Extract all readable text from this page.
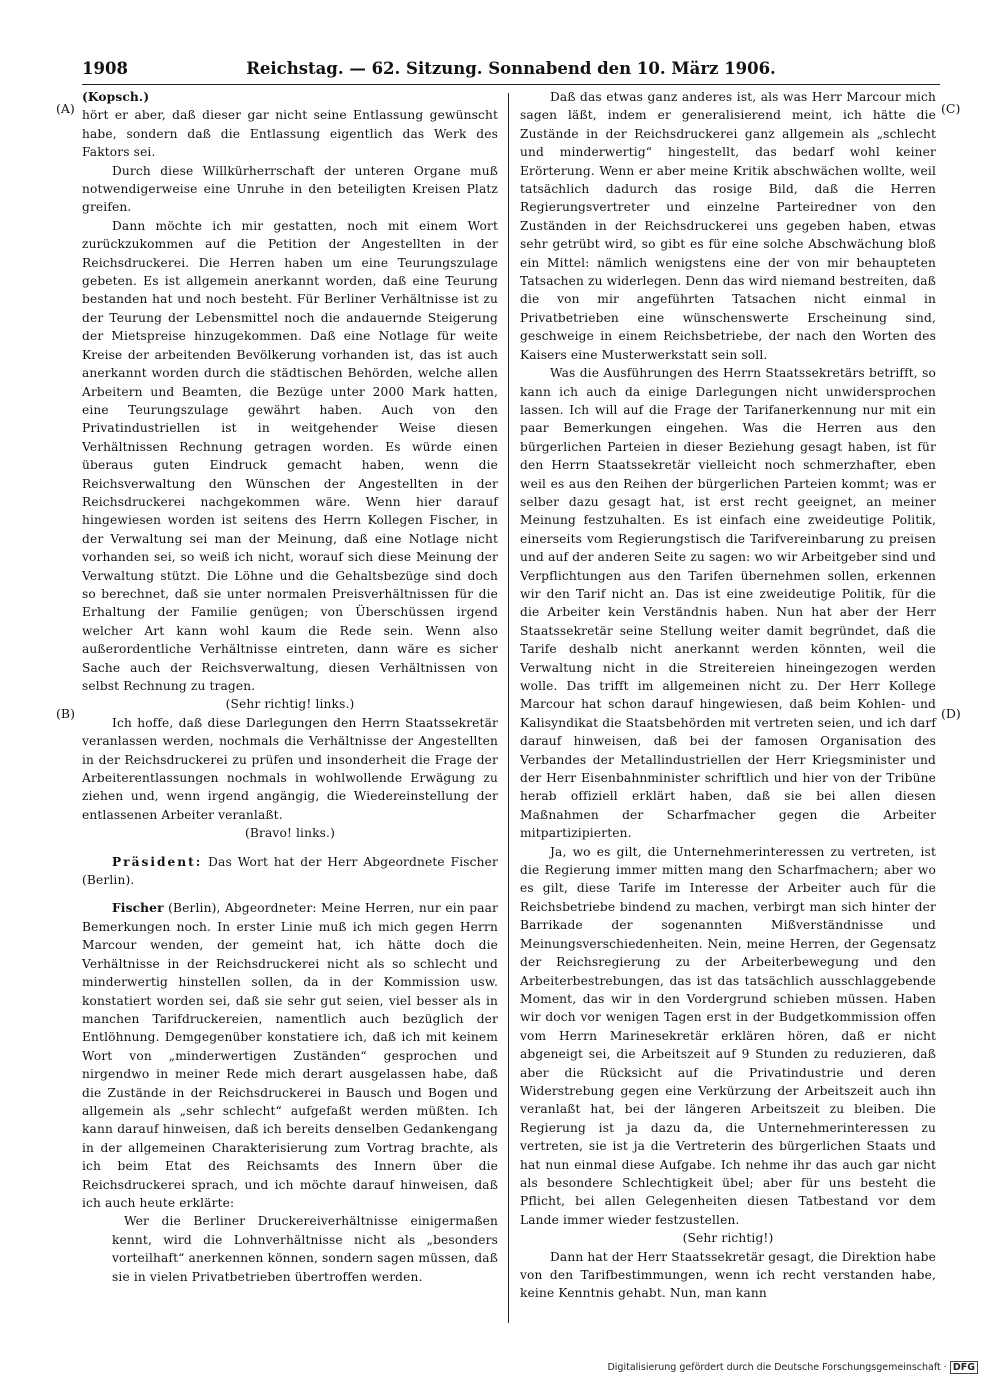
1908	Reichstag. — 62. Sitzung. Sonnabend den 10. März 1906.
(A)
(B)
(C)
(D)

(Kopsch.)

hört er aber, daß dieser gar nicht seine Entlassung gewünscht habe, sondern daß die Entlassung eigentlich das Werk des Faktors sei.

Durch diese Willkürherrschaft der unteren Organe muß notwendigerweise eine Unruhe in den beteiligten Kreisen Platz greifen.

Dann möchte ich mir gestatten, noch mit einem Wort zurückzukommen auf die Petition der Angestellten in der Reichsdruckerei. Die Herren haben um eine Teurungszulage gebeten. Es ist allgemein anerkannt worden, daß eine Teurung bestanden hat und noch besteht. Für Berliner Verhältnisse ist zu der Teurung der Lebensmittel noch die andauernde Steigerung der Mietspreise hinzugekommen. Daß eine Notlage für weite Kreise der arbeitenden Bevölkerung vorhanden ist, das ist auch anerkannt worden durch die städtischen Behörden, welche allen Arbeitern und Beamten, die Bezüge unter 2000 Mark hatten, eine Teurungszulage gewährt haben. Auch von den Privatindustriellen ist in weitgehender Weise diesen Verhältnissen Rechnung getragen worden. Es würde einen überaus guten Eindruck gemacht haben, wenn die Reichsverwaltung den Wünschen der Angestellten in der Reichsdruckerei nachgekommen wäre. Wenn hier darauf hingewiesen worden ist seitens des Herrn Kollegen Fischer, in der Verwaltung sei man der Meinung, daß eine Notlage nicht vorhanden sei, so weiß ich nicht, worauf sich diese Meinung der Verwaltung stützt. Die Löhne und die Gehaltsbezüge sind doch so berechnet, daß sie unter normalen Preisverhältnissen für die Erhaltung der Familie genügen; von Überschüssen irgend welcher Art kann wohl kaum die Rede sein. Wenn also außerordentliche Verhältnisse eintreten, dann wäre es sicher Sache auch der Reichsverwaltung, diesen Verhältnissen von selbst Rechnung zu tragen.

(Sehr richtig! links.)

Ich hoffe, daß diese Darlegungen den Herrn Staatssekretär veranlassen werden, nochmals die Verhältnisse der Angestellten in der Reichsdruckerei zu prüfen und insonderheit die Frage der Arbeiterentlassungen nochmals in wohlwollende Erwägung zu ziehen und, wenn irgend angängig, die Wiedereinstellung der entlassenen Arbeiter veranlaßt.

(Bravo! links.)

Präsident: Das Wort hat der Herr Abgeordnete Fischer (Berlin).

Fischer (Berlin), Abgeordneter: Meine Herren, nur ein paar Bemerkungen noch. In erster Linie muß ich mich gegen Herrn Marcour wenden, der gemeint hat, ich hätte doch die Verhältnisse in der Reichsdruckerei nicht als so schlecht und minderwertig hinstellen sollen, da in der Kommission usw. konstatiert worden sei, daß sie sehr gut seien, viel besser als in manchen Tarifdruckereien, namentlich auch bezüglich der Entlöhnung. Demgegenüber konstatiere ich, daß ich mit keinem Wort von „minderwertigen Zuständen“ gesprochen und nirgendwo in meiner Rede mich derart ausgelassen habe, daß die Zustände in der Reichsdruckerei in Bausch und Bogen und allgemein als „sehr schlecht“ aufgefaßt werden müßten. Ich kann darauf hinweisen, daß ich bereits denselben Gedankengang in der allgemeinen Charakterisierung zum Vortrag brachte, als ich beim Etat des Reichsamts des Innern über die Reichsdruckerei sprach, und ich möchte darauf hinweisen, daß ich auch heute erklärte:

Wer die Berliner Druckereiverhältnisse einigermaßen kennt, wird die Lohnverhältnisse nicht als „besonders vorteilhaft“ anerkennen können, sondern sagen müssen, daß sie in vielen Privatbetrieben übertroffen werden.

Daß das etwas ganz anderes ist, als was Herr Marcour mich sagen läßt, indem er generalisierend meint, ich hätte die Zustände in der Reichsdruckerei ganz allgemein als „schlecht und minderwertig“ hingestellt, das bedarf wohl keiner Erörterung. Wenn er aber meine Kritik abschwächen wollte, weil tatsächlich dadurch das rosige Bild, daß die Herren Regierungsvertreter und einzelne Parteiredner von den Zuständen in der Reichsdruckerei uns gegeben haben, etwas sehr getrübt wird, so gibt es für eine solche Abschwächung bloß ein Mittel: nämlich wenigstens eine der von mir behaupteten Tatsachen zu widerlegen. Denn das wird niemand bestreiten, daß die von mir angeführten Tatsachen nicht einmal in Privatbetrieben eine wünschenswerte Erscheinung sind, geschweige in einem Reichsbetriebe, der nach den Worten des Kaisers eine Musterwerkstatt sein soll.

Was die Ausführungen des Herrn Staatssekretärs betrifft, so kann ich auch da einige Darlegungen nicht unwidersprochen lassen. Ich will auf die Frage der Tarifanerkennung nur mit ein paar Bemerkungen eingehen. Was die Herren aus den bürgerlichen Parteien in dieser Beziehung gesagt haben, ist für den Herrn Staatssekretär vielleicht noch schmerzhafter, eben weil es aus den Reihen der bürgerlichen Parteien kommt; was er selber dazu gesagt hat, ist erst recht geeignet, an meiner Meinung festzuhalten. Es ist einfach eine zweideutige Politik, einerseits vom Regierungstisch die Tarifvereinbarung zu preisen und auf der anderen Seite zu sagen: wo wir Arbeitgeber sind und Verpflichtungen aus den Tarifen übernehmen sollen, erkennen wir den Tarif nicht an. Das ist eine zweideutige Politik, für die die Arbeiter kein Verständnis haben. Nun hat aber der Herr Staatssekretär seine Stellung weiter damit begründet, daß die Tarife deshalb nicht anerkannt werden könnten, weil die Verwaltung nicht in die Streitereien hineingezogen werden wolle. Das trifft im allgemeinen nicht zu. Der Herr Kollege Marcour hat schon darauf hingewiesen, daß beim Kohlen- und Kalisyndikat die Staatsbehörden mit vertreten seien, und ich darf darauf hinweisen, daß bei der famosen Organisation des Verbandes der Metallindustriellen der Herr Kriegsminister und der Herr Eisenbahnminister schriftlich und hier von der Tribüne herab offiziell erklärt haben, daß sie bei allen diesen Maßnahmen der Scharfmacher gegen die Arbeiter mitpartizipierten.

Ja, wo es gilt, die Unternehmerinteressen zu vertreten, ist die Regierung immer mitten mang den Scharfmachern; aber wo es gilt, diese Tarife im Interesse der Arbeiter auch für die Reichsbetriebe bindend zu machen, verbirgt man sich hinter der Barrikade der sogenannten Mißverständnisse und Meinungsverschiedenheiten. Nein, meine Herren, der Gegensatz der Reichsregierung zu der Arbeiterbewegung und den Arbeiterbestrebungen, das ist das tatsächlich ausschlaggebende Moment, das wir in den Vordergrund schieben müssen. Haben wir doch vor wenigen Tagen erst in der Budgetkommission offen vom Herrn Marinesekretär erklären hören, daß er nicht abgeneigt sei, die Arbeitszeit auf 9 Stunden zu reduzieren, daß aber die Rücksicht auf die Privatindustrie und deren Widerstrebung gegen eine Verkürzung der Arbeitszeit auch ihn veranlaßt hat, bei der längeren Arbeitszeit zu bleiben. Die Regierung ist ja dazu da, die Unternehmerinteressen zu vertreten, sie ist ja die Vertreterin des bürgerlichen Staats und hat nun einmal diese Aufgabe. Ich nehme ihr das auch gar nicht als besondere Schlechtigkeit übel; aber für uns besteht die Pflicht, bei allen Gelegenheiten diesen Tatbestand vor dem Lande immer wieder festzustellen.

(Sehr richtig!)

Dann hat der Herr Staatssekretär gesagt, die Direktion habe von den Tarifbestimmungen, wenn ich recht verstanden habe, keine Kenntnis gehabt. Nun, man kann

Digitalisierung gefördert durch die Deutsche Forschungsgemeinschaft · DFG
